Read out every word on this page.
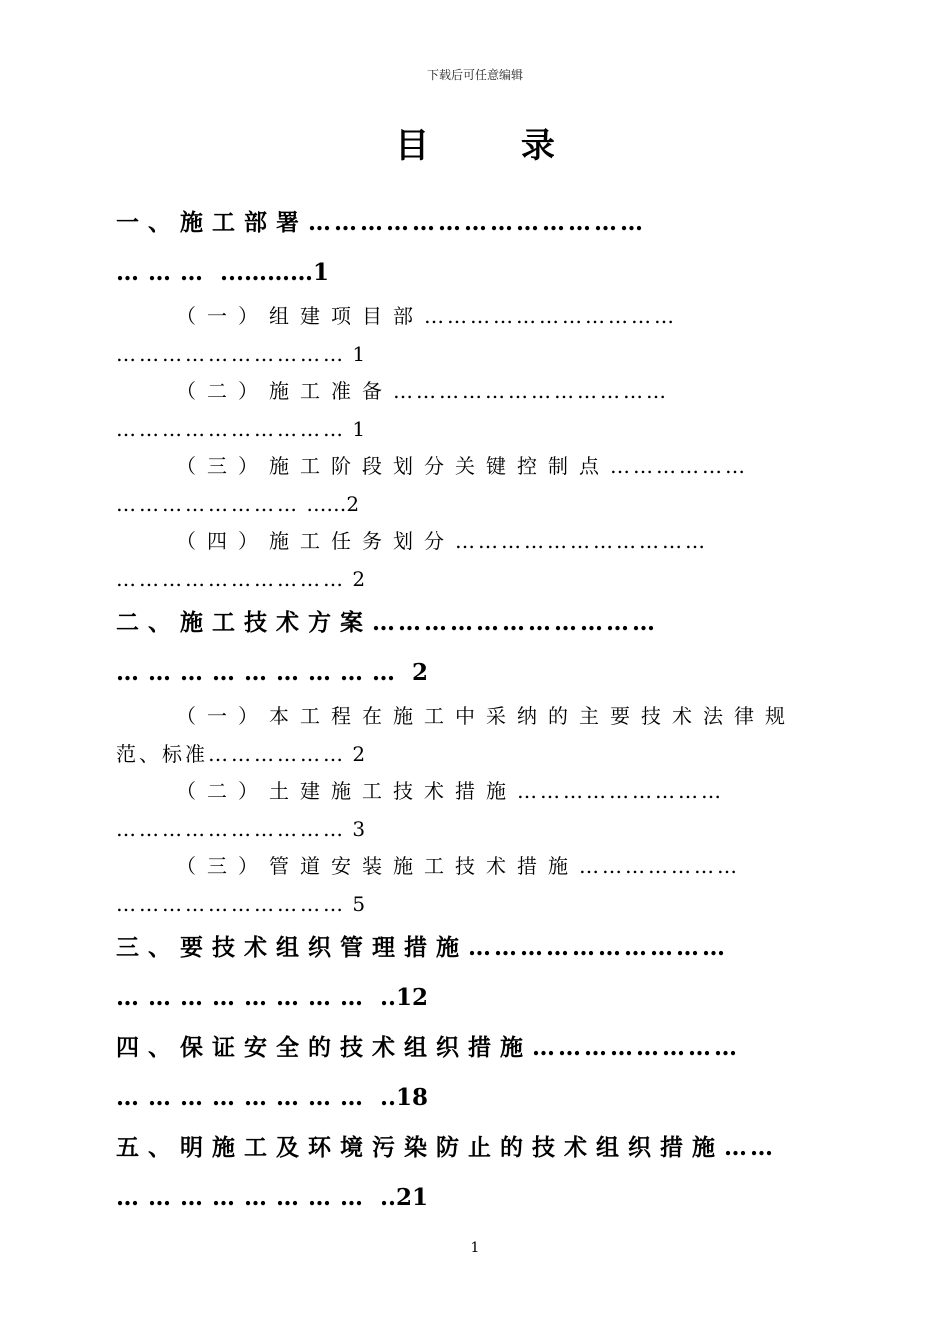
下载后可任意编辑
目 录
一、施工部署…………………………………
……… ...………1
（一）组建项目部……………………………
………………………… 1
（二）施工准备………………………………
………………………… 1
（三）施工阶段划分关键控制点………………
…………………… ……2
（四）施工任务划分……………………………
………………………… 2
二、施工技术方案……………………………
……………………… 2
（一）本工程在施工中采纳的主要技术法律规
范、标准……………… 2
（二）土建施工技术措施………………………
………………………… 3
（三）管道安装施工技术措施…………………
………………………… 5
三、要技术组织管理措施…………………………
…………………… ..12
四、保证安全的技术组织措施……………………
…………………… ..18
五、明施工及环境污染防止的技术组织措施……
…………………… ..21
1
